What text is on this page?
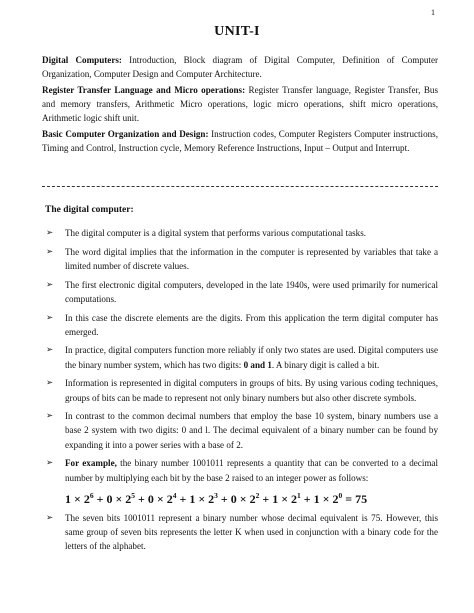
1
UNIT-I

Digital Computers: Introduction, Block diagram of Digital Computer, Definition of Computer Organization, Computer Design and Computer Architecture.

Register Transfer Language and Micro operations: Register Transfer language, Register Transfer, Bus and memory transfers, Arithmetic Micro operations, logic micro operations, shift micro operations, Arithmetic logic shift unit.

Basic Computer Organization and Design: Instruction codes, Computer Registers Computer instructions, Timing and Control, Instruction cycle, Memory Reference Instructions, Input – Output and Interrupt.

The digital computer:
➢ The digital computer is a digital system that performs various computational tasks.
➢ The word digital implies that the information in the computer is represented by variables that take a limited number of discrete values.
➢ The first electronic digital computers, developed in the late 1940s, were used primarily for numerical computations.
➢ In this case the discrete elements are the digits. From this application the term digital computer has emerged.
➢ In practice, digital computers function more reliably if only two states are used. Digital computers use the binary number system, which has two digits: 0 and 1. A binary digit is called a bit.
➢ Information is represented in digital computers in groups of bits. By using various coding techniques, groups of bits can be made to represent not only binary numbers but also other discrete symbols.
➢ In contrast to the common decimal numbers that employ the base 10 system, binary numbers use a base 2 system with two digits: 0 and l. The decimal equivalent of a binary number can be found by expanding it into a power series with a base of 2.
➢ For example, the binary number 1001011 represents a quantity that can be converted to a decimal number by multiplying each bit by the base 2 raised to an integer power as follows:
$1 \times 2^6 + 0 \times 2^5 + 0 \times 2^4 + 1 \times 2^3 + 0 \times 2^2 + 1 \times 2^1 + 1 \times 2^0 = 75$
➢ The seven bits 1001011 represent a binary number whose decimal equivalent is 75. However, this same group of seven bits represents the letter K when used in conjunction with a binary code for the letters of the alphabet.
